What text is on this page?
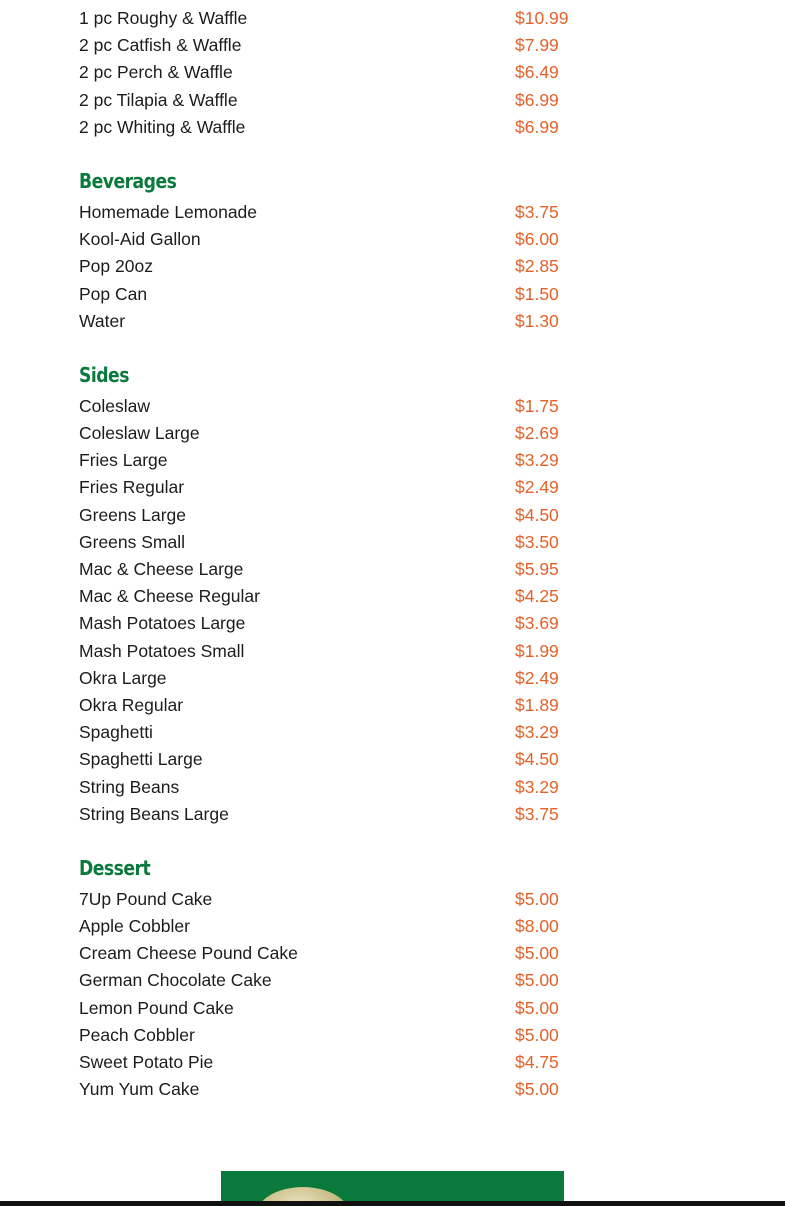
1 pc Roughy & Waffle	$10.99
2 pc Catfish & Waffle	$7.99
2 pc Perch & Waffle	$6.49
2 pc Tilapia & Waffle	$6.99
2 pc Whiting & Waffle	$6.99
Beverages
Homemade Lemonade	$3.75
Kool-Aid Gallon	$6.00
Pop 20oz	$2.85
Pop Can	$1.50
Water	$1.30
Sides
Coleslaw	$1.75
Coleslaw Large	$2.69
Fries Large	$3.29
Fries Regular	$2.49
Greens Large	$4.50
Greens Small	$3.50
Mac & Cheese Large	$5.95
Mac & Cheese Regular	$4.25
Mash Potatoes Large	$3.69
Mash Potatoes Small	$1.99
Okra Large	$2.49
Okra Regular	$1.89
Spaghetti	$3.29
Spaghetti Large	$4.50
String Beans	$3.29
String Beans Large	$3.75
Dessert
7Up Pound Cake	$5.00
Apple Cobbler	$8.00
Cream Cheese Pound Cake	$5.00
German Chocolate Cake	$5.00
Lemon Pound Cake	$5.00
Peach Cobbler	$5.00
Sweet Potato Pie	$4.75
Yum Yum Cake	$5.00
